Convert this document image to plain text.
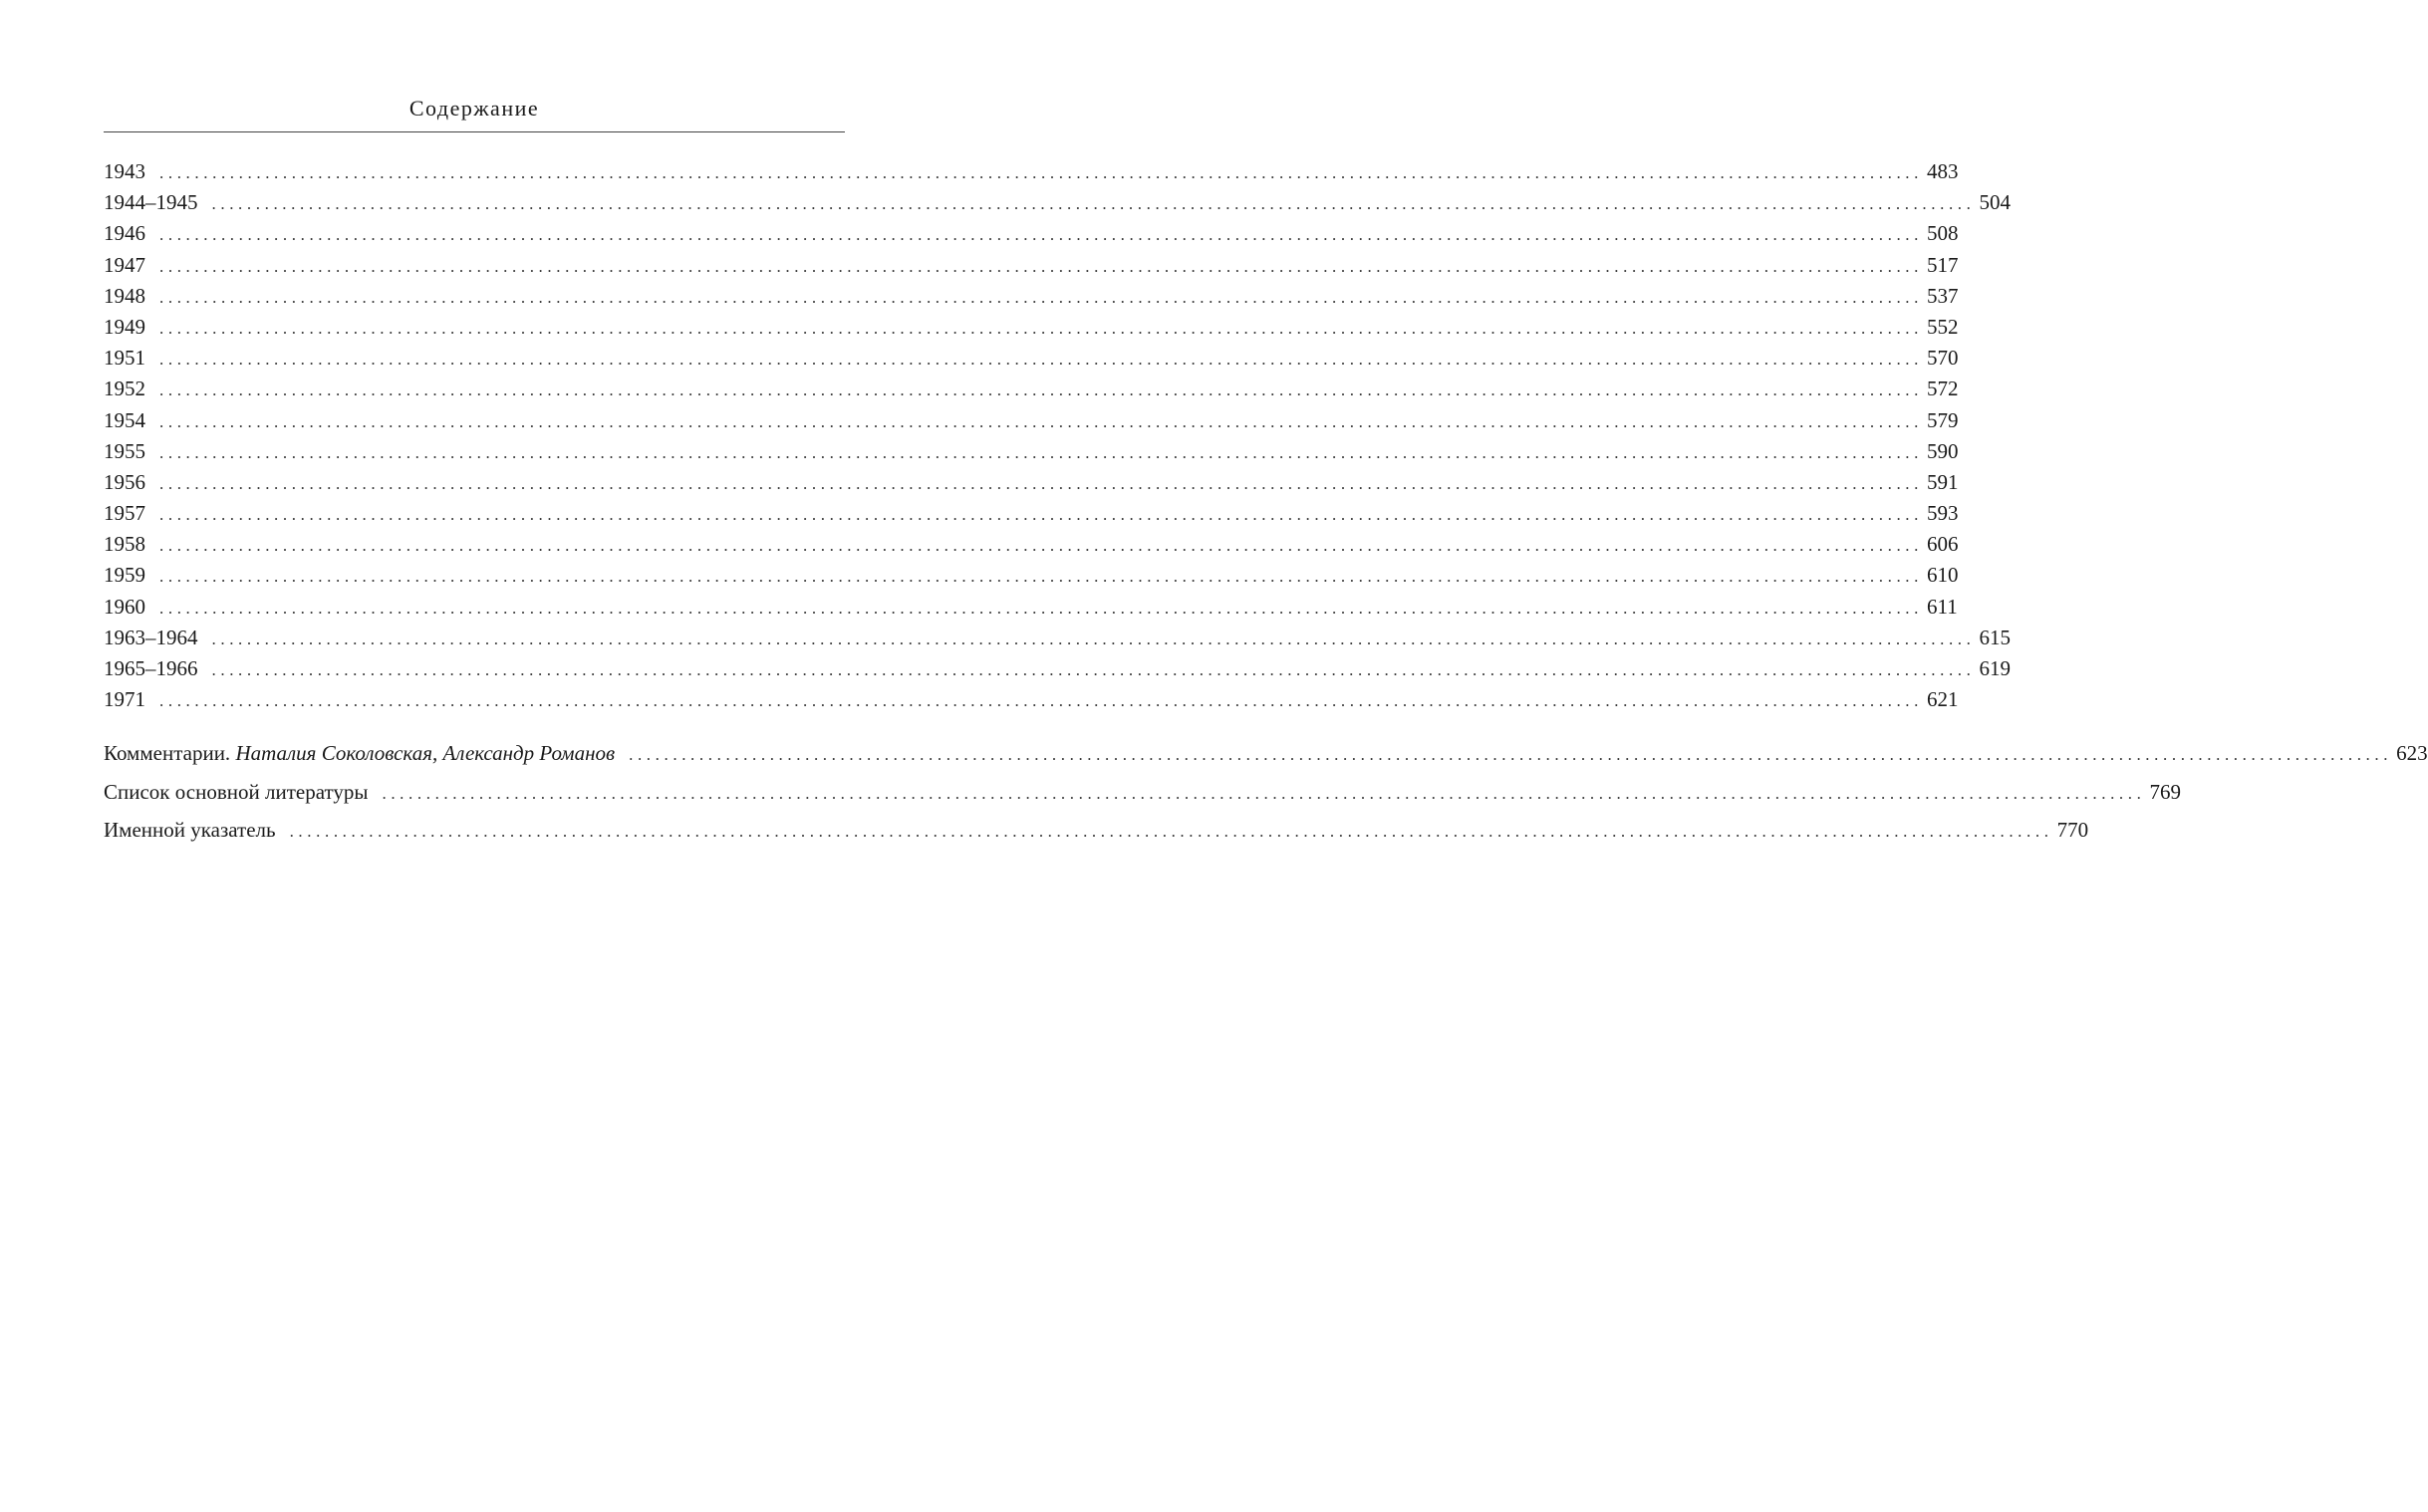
Содержание
1943 ........................................................................................................................................................................................................ 483
1944–1945 ........................................................................................................................................................................................................ 504
1946 ........................................................................................................................................................................................................ 508
1947 ........................................................................................................................................................................................................ 517
1948 ........................................................................................................................................................................................................ 537
1949 ........................................................................................................................................................................................................ 552
1951 ........................................................................................................................................................................................................ 570
1952 ........................................................................................................................................................................................................ 572
1954 ........................................................................................................................................................................................................ 579
1955 ........................................................................................................................................................................................................ 590
1956 ........................................................................................................................................................................................................ 591
1957 ........................................................................................................................................................................................................ 593
1958 ........................................................................................................................................................................................................ 606
1959 ........................................................................................................................................................................................................ 610
1960 ........................................................................................................................................................................................................ 611
1963–1964 ........................................................................................................................................................................................................ 615
1965–1966 ........................................................................................................................................................................................................ 619
1971 ........................................................................................................................................................................................................ 621
Комментарии. Наталия Соколовская, Александр Романов ........................................................................................................................................................................................................ 623
Список основной литературы ........................................................................................................................................................................................................ 769
Именной указатель ........................................................................................................................................................................................................ 770
